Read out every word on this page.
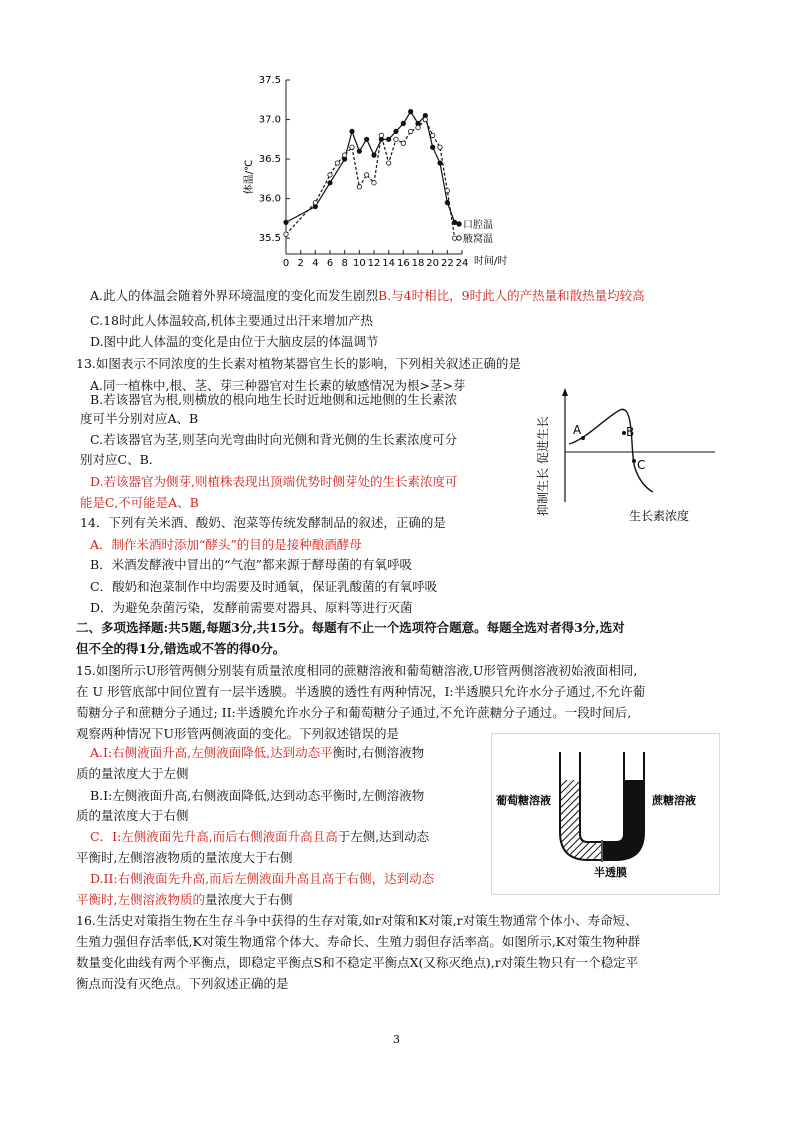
37.5
37.0
36.5
36.0
35.5
0 2 4 6 8 10 12 14 16 18 20 22 24
体温/℃
时间/时
口腔温
腋窝温
A.此人的体温会随着外界环境温度的变化而发生剧烈B.与4时相比，9时此人的产热量和散热量均较高
C.18时此人体温较高,机体主要通过出汗来增加产热
D.图中此人体温的变化是由位于大脑皮层的体温调节
13.如图表示不同浓度的生长素对植物某器官生长的影响，下列相关叙述正确的是
A.同一植株中,根、茎、芽三种器官对生长素的敏感情况为根>茎>芽
B.若该器官为根,则横放的根向地生长时近地侧和远地侧的生长素浓
度可半分别对应A、B
C.若该器官为茎,则茎向光弯曲时向光侧和背光侧的生长素浓度可分
别对应C、B.
D.若该器官为侧芽,则植株表现出顶端优势时侧芽处的生长素浓度可
能是C,不可能是A、B
A	B
C
抑制生长 促进生长	生长素浓度
14．下列有关米酒、酸奶、泡菜等传统发酵制品的叙述，正确的是
A．制作米酒时添加“酵头”的目的是接种酿酒酵母
B．米酒发酵液中冒出的“气泡”都来源于酵母菌的有氧呼吸
C．酸奶和泡菜制作中均需要及时通氧，保证乳酸菌的有氧呼吸
D．为避免杂菌污染，发酵前需要对器具、原料等进行灭菌
二、多项选择题:共5题,每题3分,共15分。每题有不止一个选项符合题意。每题全选对者得3分,选对
但不全的得1分,错选或不答的得0分。
15.如图所示U形管两侧分别装有质量浓度相同的蔗糖溶液和葡萄糖溶液,U形管两侧溶液初始液面相同,
在 U 形管底部中间位置有一层半透膜。半透膜的透性有两种情况，I:半透膜只允许水分子通过,不允许葡
萄糖分子和蔗糖分子通过; II:半透膜允许水分子和葡萄糖分子通过,不允许蔗糖分子通过。一段时间后,
观察两种情况下U形管两侧液面的变化。下列叙述错误的是
A.I:右侧液面升高,左侧液面降低,达到动态平衡时,右侧溶液物
质的量浓度大于左侧
B.I:左侧液面升高,右侧液面降低,达到动态平衡时,左侧溶液物
质的量浓度大于右侧
C．I:左侧液面先升高,而后右侧液面升高且高于左侧,达到动态
平衡时,左侧溶液物质的量浓度大于右侧
D.II:右侧液面先升高,而后左侧液面升高且高于右侧，达到动态
平衡时,左侧溶液物质的量浓度大于右侧
葡萄糖溶液	蔗糖溶液
半透膜
16.生活史对策指生物在生存斗争中获得的生存对策,如r对策和K对策,r对策生物通常个体小、寿命短、
生殖力强但存活率低,K对策生物通常个体大、寿命长、生殖力弱但存活率高。如图所示,K对策生物种群
数量变化曲线有两个平衡点，即稳定平衡点S和不稳定平衡点X(又称灭绝点),r对策生物只有一个稳定平
衡点而没有灭绝点。下列叙述正确的是
3
